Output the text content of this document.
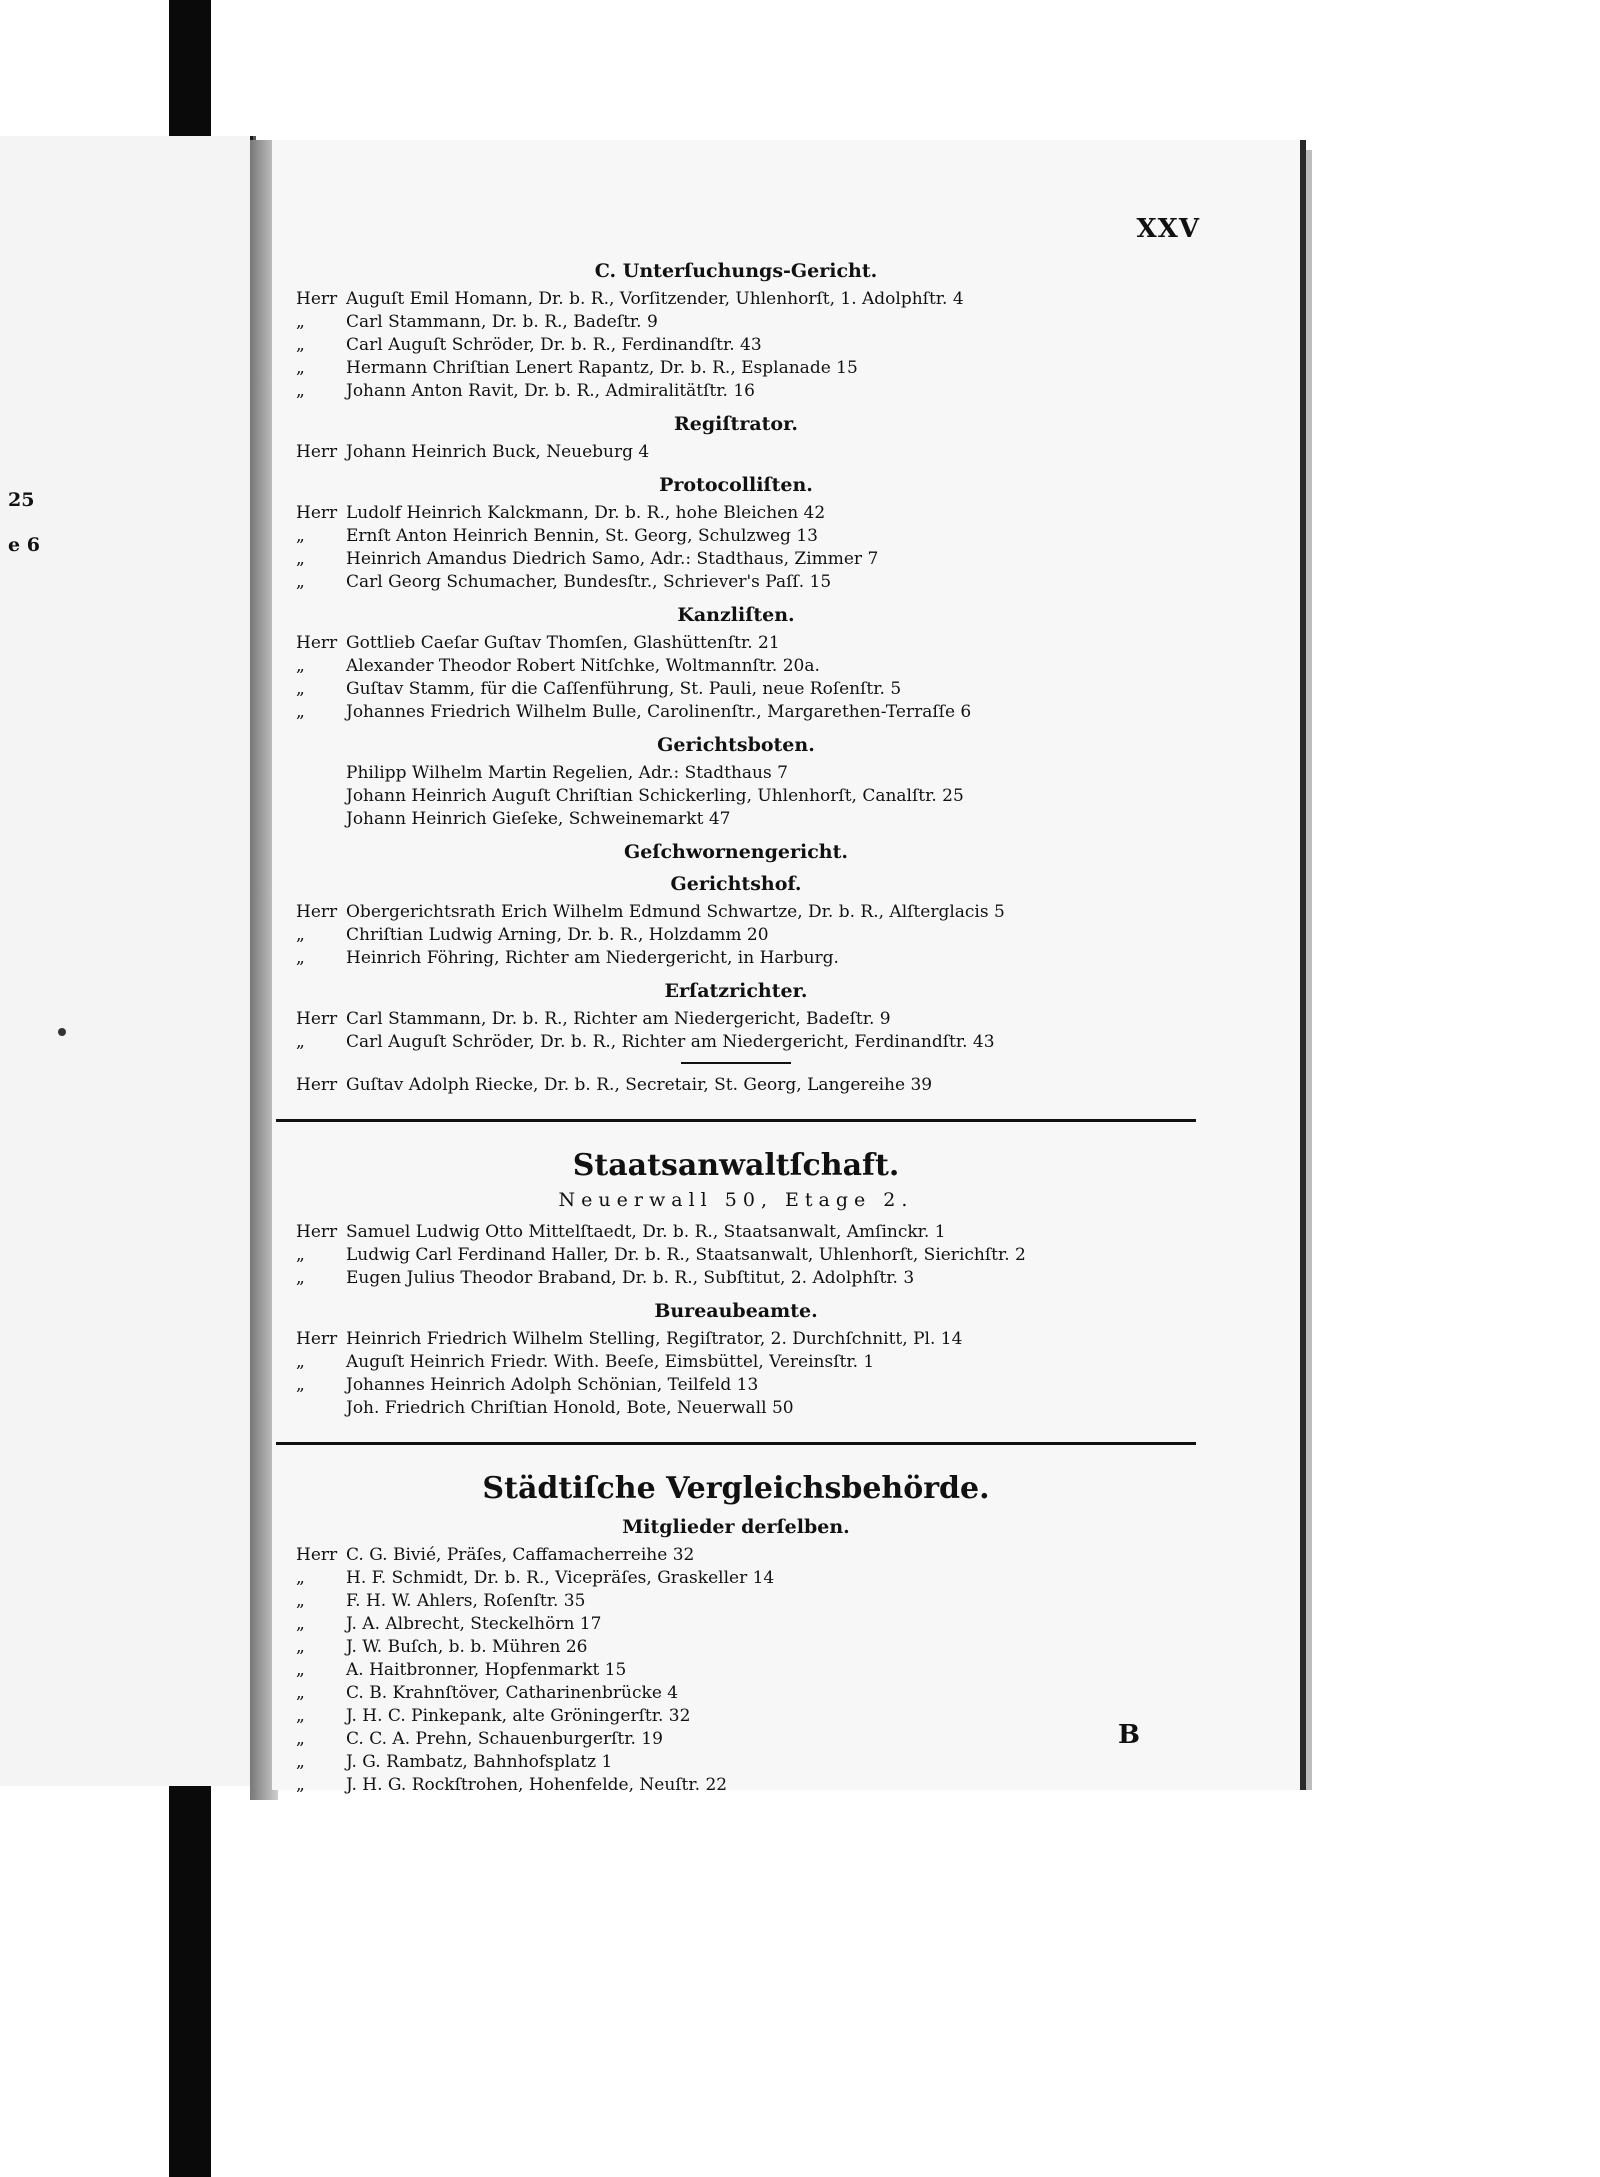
25
e 6
XXV
C. Unterſuchungs-Gericht.
Herr Auguſt Emil Homann, Dr. b. R., Vorſitzender, Uhlenhorſt, 1. Adolphſtr. 4
„ Carl Stammann, Dr. b. R., Badeſtr. 9
„ Carl Auguſt Schröder, Dr. b. R., Ferdinandſtr. 43
„ Hermann Chriſtian Lenert Rapantz, Dr. b. R., Esplanade 15
„ Johann Anton Ravit, Dr. b. R., Admiralitätſtr. 16
Regiſtrator.
Herr Johann Heinrich Buck, Neueburg 4
Protocolliſten.
Herr Ludolf Heinrich Kalckmann, Dr. b. R., hohe Bleichen 42
„ Ernſt Anton Heinrich Bennin, St. Georg, Schulzweg 13
„ Heinrich Amandus Diedrich Samo, Adr.: Stadthaus, Zimmer 7
„ Carl Georg Schumacher, Bundesſtr., Schriever's Paſſ. 15
Kanzliſten.
Herr Gottlieb Caeſar Guſtav Thomſen, Glashüttenſtr. 21
„ Alexander Theodor Robert Nitſchke, Woltmannſtr. 20a.
„ Guſtav Stamm, für die Caſſenführung, St. Pauli, neue Roſenſtr. 5
„ Johannes Friedrich Wilhelm Bulle, Carolinenſtr., Margarethen-Terraſſe 6
Gerichtsboten.
Philipp Wilhelm Martin Regelien, Adr.: Stadthaus 7
Johann Heinrich Auguſt Chriſtian Schickerling, Uhlenhorſt, Canalſtr. 25
Johann Heinrich Gieſeke, Schweinemarkt 47
Geſchwornengericht.
Gerichtshof.
Herr Obergerichtsrath Erich Wilhelm Edmund Schwartze, Dr. b. R., Alſterglacis 5
„ Chriſtian Ludwig Arning, Dr. b. R., Holzdamm 20
„ Heinrich Föhring, Richter am Niedergericht, in Harburg.
Erſatzrichter.
Herr Carl Stammann, Dr. b. R., Richter am Niedergericht, Badeſtr. 9
„ Carl Auguſt Schröder, Dr. b. R., Richter am Niedergericht, Ferdinandſtr. 43
Herr Guſtav Adolph Riecke, Dr. b. R., Secretair, St. Georg, Langereihe 39
Staatsanwaltſchaft.
Neuerwall 50, Etage 2.
Herr Samuel Ludwig Otto Mittelſtaedt, Dr. b. R., Staatsanwalt, Amſinckr. 1
„ Ludwig Carl Ferdinand Haller, Dr. b. R., Staatsanwalt, Uhlenhorſt, Sierichſtr. 2
„ Eugen Julius Theodor Braband, Dr. b. R., Subſtitut, 2. Adolphſtr. 3
Bureaubeamte.
Herr Heinrich Friedrich Wilhelm Stelling, Regiſtrator, 2. Durchſchnitt, Pl. 14
„ Auguſt Heinrich Friedr. With. Beeſe, Eimsbüttel, Vereinsſtr. 1
„ Johannes Heinrich Adolph Schönian, Teilfeld 13
Joh. Friedrich Chriſtian Honold, Bote, Neuerwall 50
Städtiſche Vergleichsbehörde.
Mitglieder derſelben.
Herr C. G. Bivié, Präſes, Caffamacherreihe 32
„ H. F. Schmidt, Dr. b. R., Vicepräſes, Graskeller 14
„ F. H. W. Ahlers, Roſenſtr. 35
„ J. A. Albrecht, Steckelhörn 17
„ J. W. Buſch, b. b. Mühren 26
„ A. Haitbronner, Hopfenmarkt 15
„ C. B. Krahnſtöver, Catharinenbrücke 4
„ J. H. C. Pinkepank, alte Gröningerſtr. 32
„ C. C. A. Prehn, Schauenburgerſtr. 19
„ J. G. Rambatz, Bahnhofsplatz 1
„ J. H. G. Rockſtrohen, Hohenfelde, Neuſtr. 22
B
